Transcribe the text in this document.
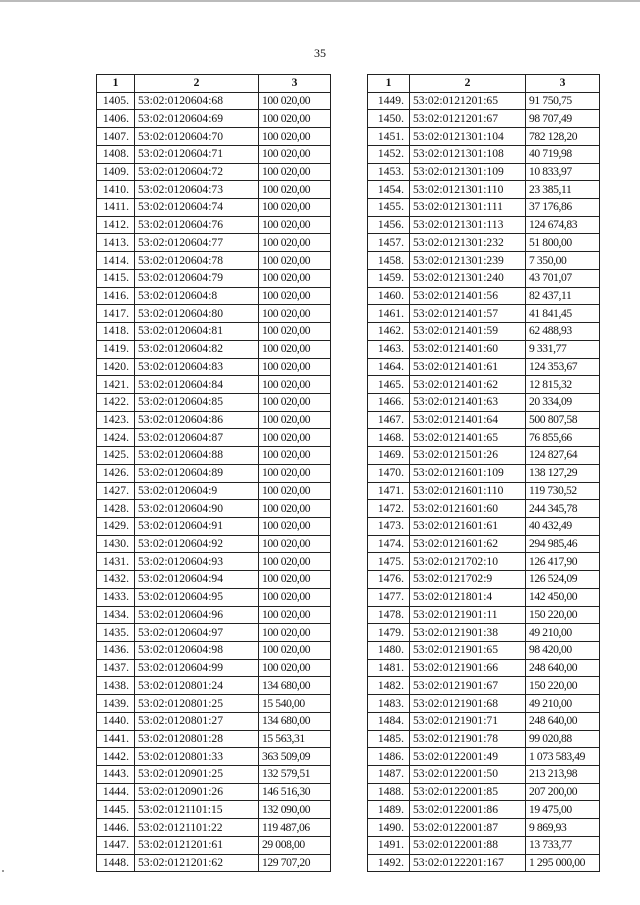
35
1	2	3
1405.	53:02:0120604:68	100 020,00
1406.	53:02:0120604:69	100 020,00
1407.	53:02:0120604:70	100 020,00
1408.	53:02:0120604:71	100 020,00
1409.	53:02:0120604:72	100 020,00
1410.	53:02:0120604:73	100 020,00
1411.	53:02:0120604:74	100 020,00
1412.	53:02:0120604:76	100 020,00
1413.	53:02:0120604:77	100 020,00
1414.	53:02:0120604:78	100 020,00
1415.	53:02:0120604:79	100 020,00
1416.	53:02:0120604:8	100 020,00
1417.	53:02:0120604:80	100 020,00
1418.	53:02:0120604:81	100 020,00
1419.	53:02:0120604:82	100 020,00
1420.	53:02:0120604:83	100 020,00
1421.	53:02:0120604:84	100 020,00
1422.	53:02:0120604:85	100 020,00
1423.	53:02:0120604:86	100 020,00
1424.	53:02:0120604:87	100 020,00
1425.	53:02:0120604:88	100 020,00
1426.	53:02:0120604:89	100 020,00
1427.	53:02:0120604:9	100 020,00
1428.	53:02:0120604:90	100 020,00
1429.	53:02:0120604:91	100 020,00
1430.	53:02:0120604:92	100 020,00
1431.	53:02:0120604:93	100 020,00
1432.	53:02:0120604:94	100 020,00
1433.	53:02:0120604:95	100 020,00
1434.	53:02:0120604:96	100 020,00
1435.	53:02:0120604:97	100 020,00
1436.	53:02:0120604:98	100 020,00
1437.	53:02:0120604:99	100 020,00
1438.	53:02:0120801:24	134 680,00
1439.	53:02:0120801:25	15 540,00
1440.	53:02:0120801:27	134 680,00
1441.	53:02:0120801:28	15 563,31
1442.	53:02:0120801:33	363 509,09
1443.	53:02:0120901:25	132 579,51
1444.	53:02:0120901:26	146 516,30
1445.	53:02:0121101:15	132 090,00
1446.	53:02:0121101:22	119 487,06
1447.	53:02:0121201:61	29 008,00
1448.	53:02:0121201:62	129 707,20
1	2	3
1449.	53:02:0121201:65	91 750,75
1450.	53:02:0121201:67	98 707,49
1451.	53:02:0121301:104	782 128,20
1452.	53:02:0121301:108	40 719,98
1453.	53:02:0121301:109	10 833,97
1454.	53:02:0121301:110	23 385,11
1455.	53:02:0121301:111	37 176,86
1456.	53:02:0121301:113	124 674,83
1457.	53:02:0121301:232	51 800,00
1458.	53:02:0121301:239	7 350,00
1459.	53:02:0121301:240	43 701,07
1460.	53:02:0121401:56	82 437,11
1461.	53:02:0121401:57	41 841,45
1462.	53:02:0121401:59	62 488,93
1463.	53:02:0121401:60	9 331,77
1464.	53:02:0121401:61	124 353,67
1465.	53:02:0121401:62	12 815,32
1466.	53:02:0121401:63	20 334,09
1467.	53:02:0121401:64	500 807,58
1468.	53:02:0121401:65	76 855,66
1469.	53:02:0121501:26	124 827,64
1470.	53:02:0121601:109	138 127,29
1471.	53:02:0121601:110	119 730,52
1472.	53:02:0121601:60	244 345,78
1473.	53:02:0121601:61	40 432,49
1474.	53:02:0121601:62	294 985,46
1475.	53:02:0121702:10	126 417,90
1476.	53:02:0121702:9	126 524,09
1477.	53:02:0121801:4	142 450,00
1478.	53:02:0121901:11	150 220,00
1479.	53:02:0121901:38	49 210,00
1480.	53:02:0121901:65	98 420,00
1481.	53:02:0121901:66	248 640,00
1482.	53:02:0121901:67	150 220,00
1483.	53:02:0121901:68	49 210,00
1484.	53:02:0121901:71	248 640,00
1485.	53:02:0121901:78	99 020,88
1486.	53:02:0122001:49	1 073 583,49
1487.	53:02:0122001:50	213 213,98
1488.	53:02:0122001:85	207 200,00
1489.	53:02:0122001:86	19 475,00
1490.	53:02:0122001:87	9 869,93
1491.	53:02:0122001:88	13 733,77
1492.	53:02:0122201:167	1 295 000,00
